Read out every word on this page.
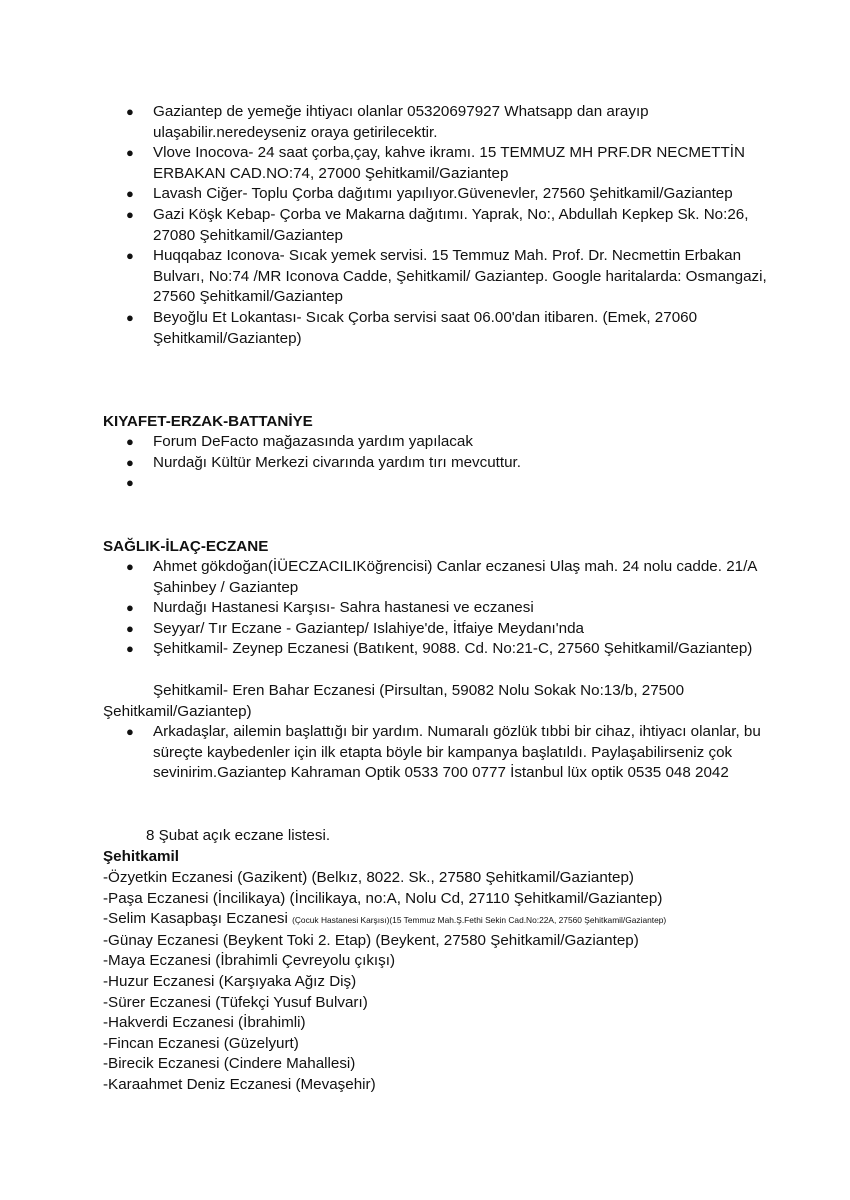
● Gaziantep de yemeğe ihtiyacı olanlar 05320697927 Whatsapp dan arayıp ulaşabilir.neredeyseniz oraya getirilecektir.
● Vlove Inocova- 24 saat çorba,çay, kahve ikramı. 15 TEMMUZ MH PRF.DR NECMETTİN ERBAKAN CAD.NO:74, 27000 Şehitkamil/Gaziantep
● Lavash Ciğer- Toplu Çorba dağıtımı yapılıyor.Güvenevler, 27560 Şehitkamil/Gaziantep
● Gazi Köşk Kebap- Çorba ve Makarna dağıtımı. Yaprak, No:, Abdullah Kepkep Sk. No:26, 27080 Şehitkamil/Gaziantep
● Huqqabaz Iconova- Sıcak yemek servisi. 15 Temmuz Mah. Prof. Dr. Necmettin Erbakan Bulvarı, No:74 /MR Iconova Cadde, Şehitkamil/ Gaziantep. Google haritalarda: Osmangazi, 27560 Şehitkamil/Gaziantep
● Beyoğlu Et Lokantası- Sıcak Çorba servisi saat 06.00'dan itibaren. (Emek, 27060 Şehitkamil/Gaziantep)
KIYAFET-ERZAK-BATTANİYE
● Forum DeFacto mağazasında yardım yapılacak
● Nurdağı Kültür Merkezi civarında yardım tırı mevcuttur.
●
SAĞLIK-İLAÇ-ECZANE
● Ahmet gökdoğan(İÜECZACILIKöğrencisi) Canlar eczanesi Ulaş mah. 24 nolu cadde. 21/A Şahinbey / Gaziantep
● Nurdağı Hastanesi Karşısı- Sahra hastanesi ve eczanesi
● Seyyar/ Tır Eczane - Gaziantep/ Islahiye'de, İtfaiye Meydanı'nda
● Şehitkamil- Zeynep Eczanesi (Batıkent, 9088. Cd. No:21-C, 27560 Şehitkamil/Gaziantep)
Şehitkamil- Eren Bahar Eczanesi (Pirsultan, 59082 Nolu Sokak No:13/b, 27500
Şehitkamil/Gaziantep)
● Arkadaşlar, ailemin başlattığı bir yardım. Numaralı gözlük tıbbi bir cihaz, ihtiyacı olanlar, bu süreçte kaybedenler için ilk etapta böyle bir kampanya başlatıldı. Paylaşabilirseniz çok sevinirim.Gaziantep Kahraman Optik 0533 700 0777 İstanbul lüx optik 0535 048 2042
8 Şubat açık eczane listesi.
Şehitkamil
-Özyetkin Eczanesi (Gazikent) (Belkız, 8022. Sk., 27580 Şehitkamil/Gaziantep)
-Paşa Eczanesi (İncilikaya) (İncilikaya, no:A, Nolu Cd, 27110 Şehitkamil/Gaziantep)
-Selim Kasapbaşı Eczanesi (Çocuk Hastanesi Karşısı)(15 Temmuz Mah.Ş.Fethi Sekin Cad.No:22A, 27560 Şehitkamil/Gaziantep)
-Günay Eczanesi (Beykent Toki 2. Etap) (Beykent, 27580 Şehitkamil/Gaziantep)
-Maya Eczanesi (İbrahimli Çevreyolu çıkışı)
-Huzur Eczanesi (Karşıyaka Ağız Diş)
-Sürer Eczanesi (Tüfekçi Yusuf Bulvarı)
-Hakverdi Eczanesi (İbrahimli)
-Fincan Eczanesi (Güzelyurt)
-Birecik Eczanesi (Cindere Mahallesi)
-Karaahmet Deniz Eczanesi (Mevaşehir)
